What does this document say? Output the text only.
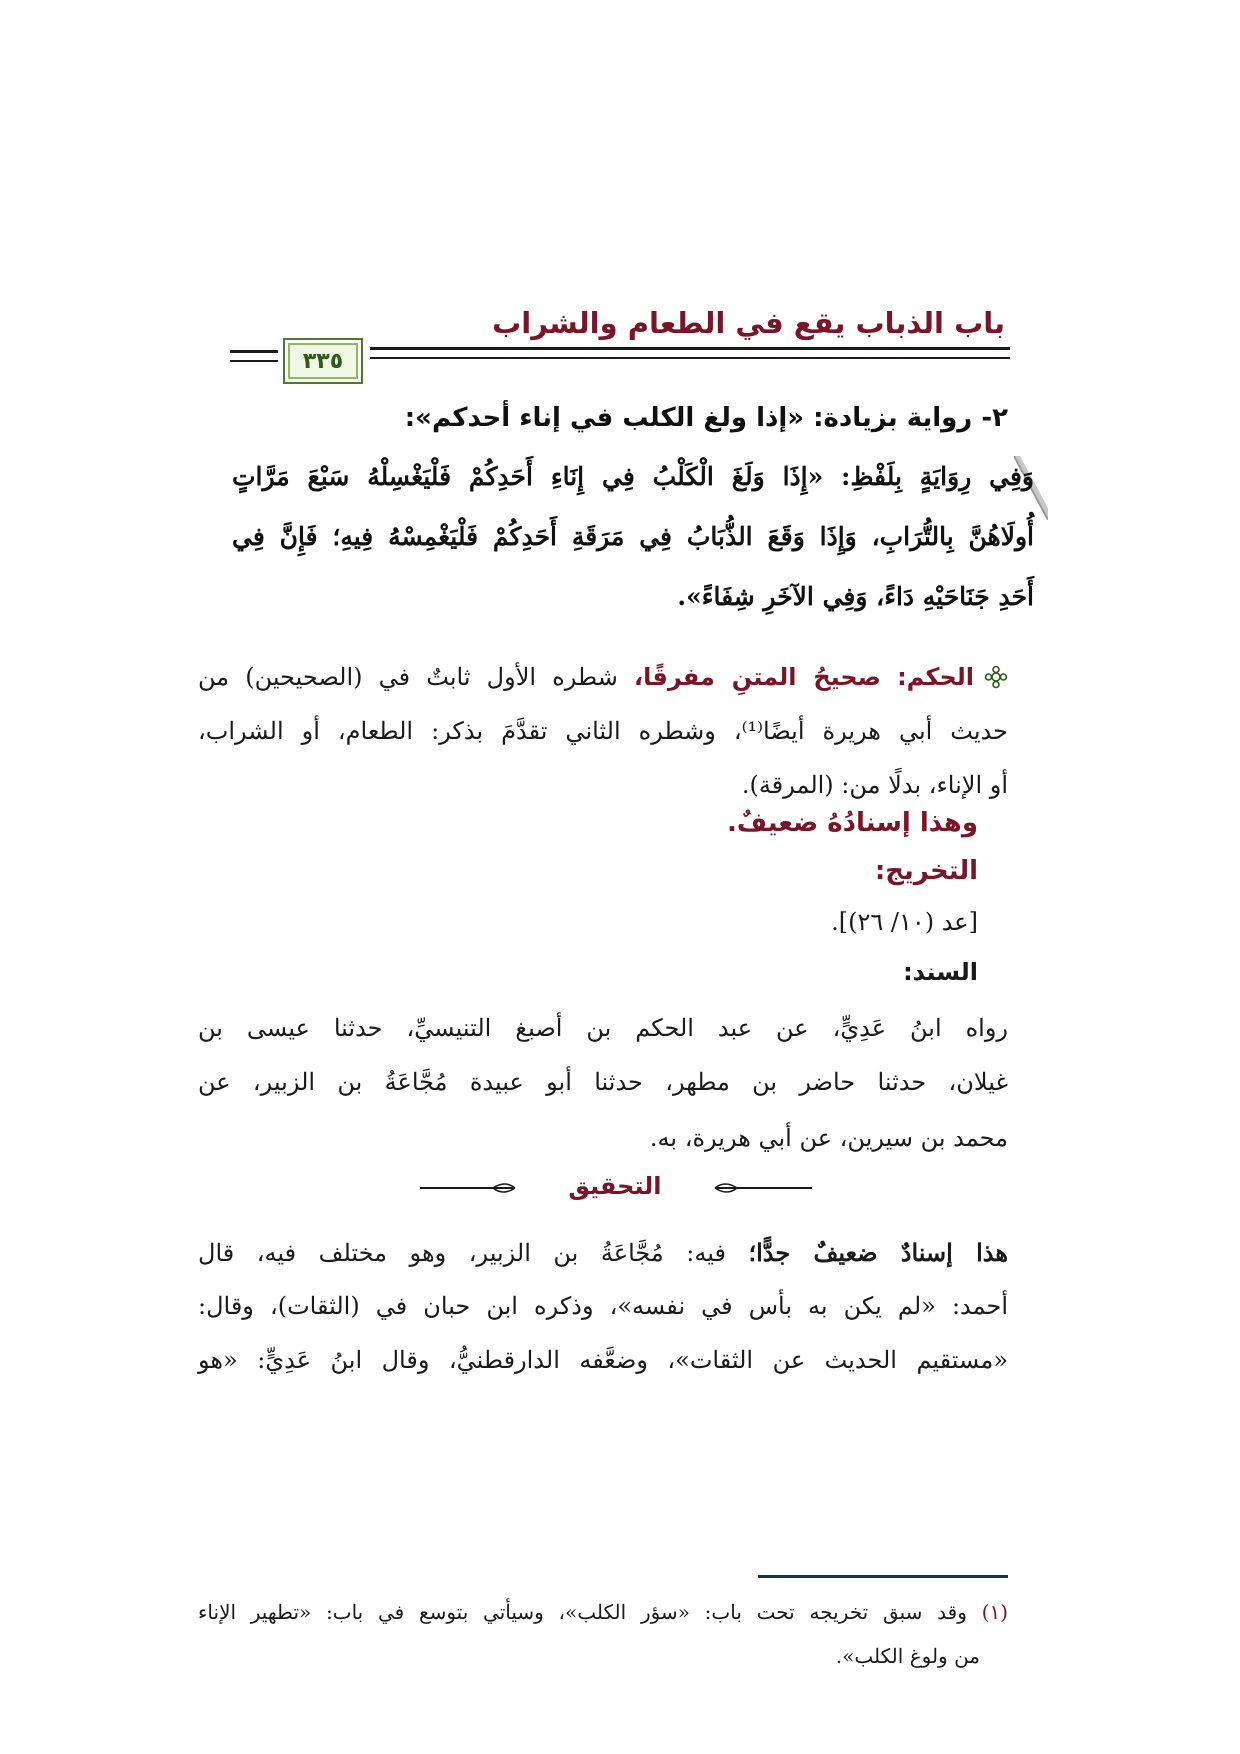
باب الذباب يقع في الطعام والشراب
٣٣٥
٢- رواية بزيادة: «إذا ولغ الكلب في إناء أحدكم»:
وَفِي رِوَايَةٍ بِلَفْظِ: «إِذَا وَلَغَ الْكَلْبُ فِي إِنَاءِ أَحَدِكُمْ فَلْيَغْسِلْهُ سَبْعَ مَرَّاتٍ
أُولَاهُنَّ بِالتُّرَابِ، وَإِذَا وَقَعَ الذُّبَابُ فِي مَرَقَةِ أَحَدِكُمْ فَلْيَغْمِسْهُ فِيهِ؛ فَإِنَّ فِي
أَحَدِ جَنَاحَيْهِ دَاءً، وَفِي الآخَرِ شِفَاءً».
الحكم: صحيحُ المتنِ مفرقًا، شطره الأول ثابتٌ في (الصحيحين) من
حديث أبي هريرة أيضًا⁽¹⁾، وشطره الثاني تقدَّمَ بذكر: الطعام، أو الشراب،
أو الإناء، بدلًا من: (المرقة).
وهذا إسنادُهُ ضعيفٌ.
التخريج:
[عد (١٠/ ٢٦)].
السند:
رواه ابنُ عَدِيٍّ، عن عبد الحكم بن أصبغ التنيسيِّ، حدثنا عيسى بن
غيلان، حدثنا حاضر بن مطهر، حدثنا أبو عبيدة مُجَّاعَةُ بن الزبير، عن
محمد بن سيرين، عن أبي هريرة، به.
التحقيق
هذا إسنادٌ ضعيفٌ جدًّا؛ فيه: مُجَّاعَةُ بن الزبير، وهو مختلف فيه، قال
أحمد: «لم يكن به بأس في نفسه»، وذكره ابن حبان في (الثقات)، وقال:
«مستقيم الحديث عن الثقات»، وضعَّفه الدارقطنيُّ، وقال ابنُ عَدِيٍّ: «هو
(١) وقد سبق تخريجه تحت باب: «سؤر الكلب»، وسيأتي بتوسع في باب: «تطهير الإناء
من ولوغ الكلب».
